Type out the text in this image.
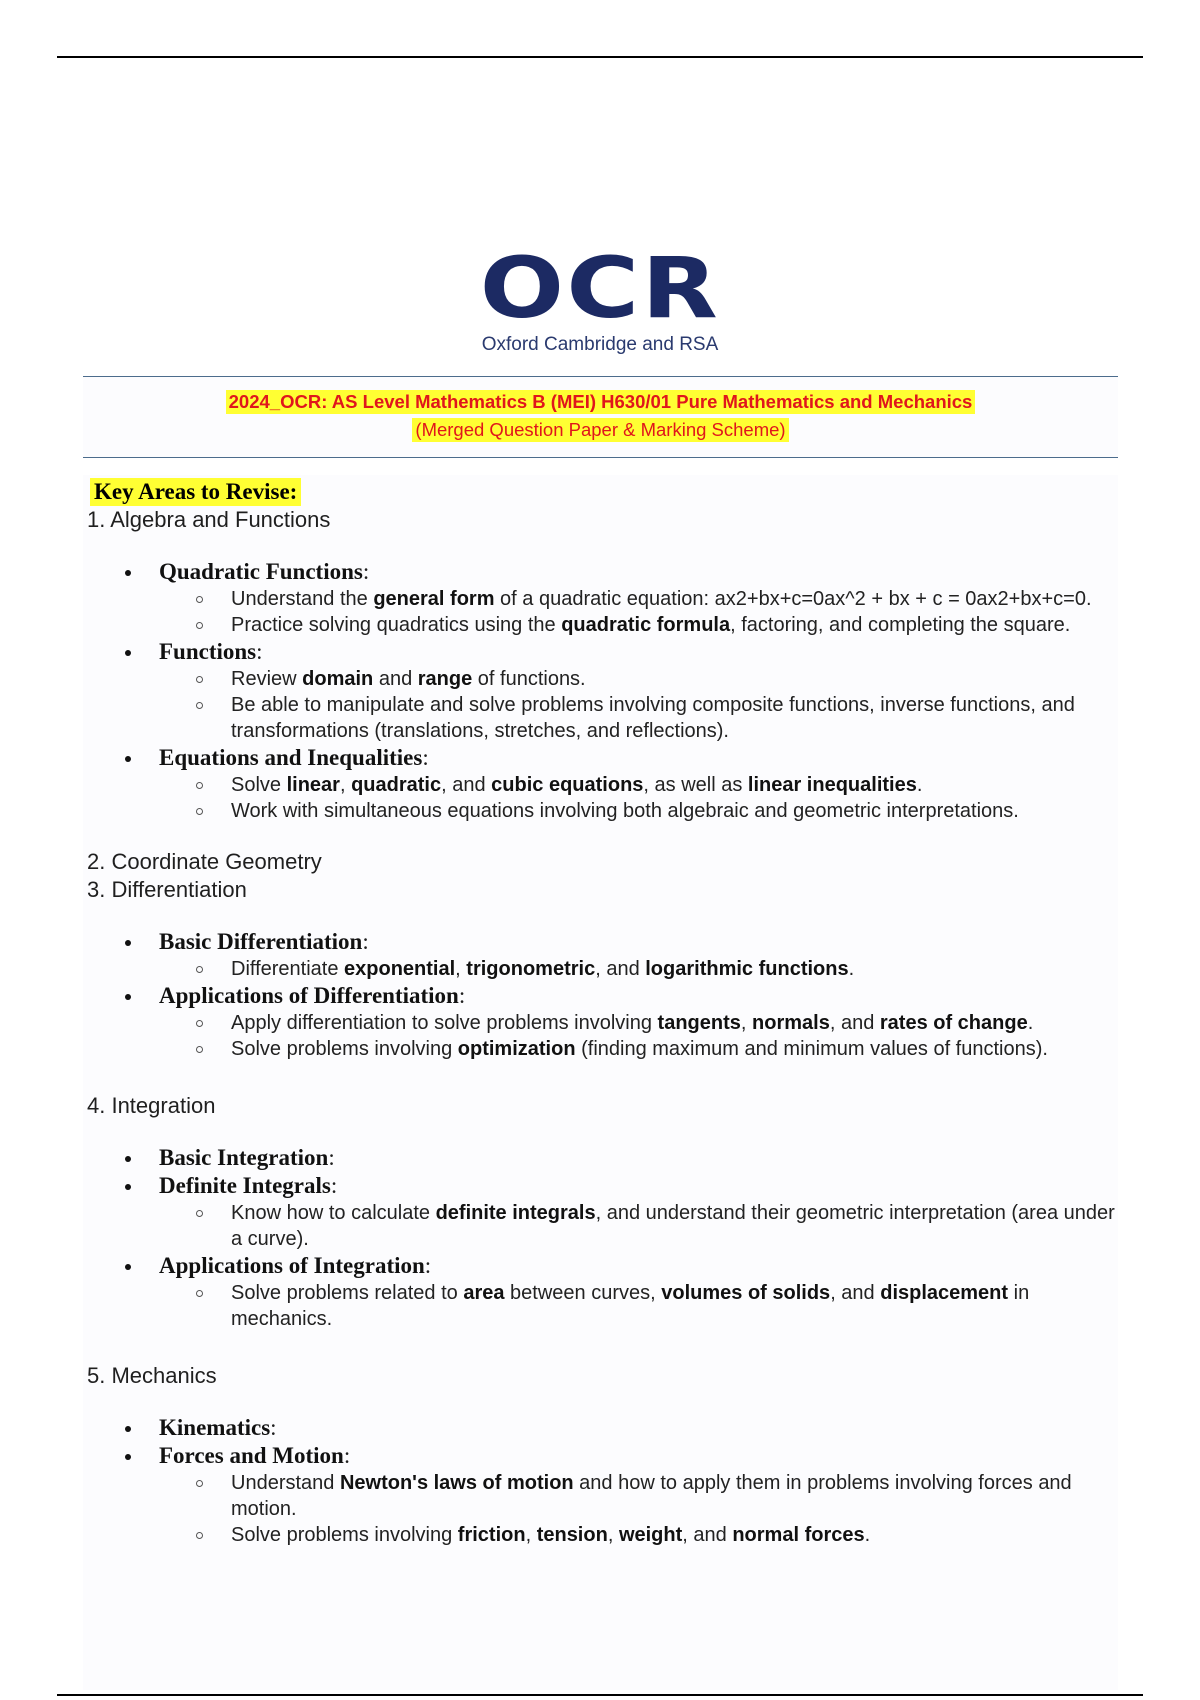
OCR
Oxford Cambridge and RSA
2024_OCR: AS Level Mathematics B (MEI) H630/01 Pure Mathematics and Mechanics
(Merged Question Paper & Marking Scheme)
Key Areas to Revise:
1. Algebra and Functions
Quadratic Functions:
Understand the general form of a quadratic equation: ax2+bx+c=0ax^2 + bx + c = 0ax2+bx+c=0.
Practice solving quadratics using the quadratic formula, factoring, and completing the square.
Functions:
Review domain and range of functions.
Be able to manipulate and solve problems involving composite functions, inverse functions, and transformations (translations, stretches, and reflections).
Equations and Inequalities:
Solve linear, quadratic, and cubic equations, as well as linear inequalities.
Work with simultaneous equations involving both algebraic and geometric interpretations.
2. Coordinate Geometry
3. Differentiation
Basic Differentiation:
Differentiate exponential, trigonometric, and logarithmic functions.
Applications of Differentiation:
Apply differentiation to solve problems involving tangents, normals, and rates of change.
Solve problems involving optimization (finding maximum and minimum values of functions).
4. Integration
Basic Integration:
Definite Integrals:
Know how to calculate definite integrals, and understand their geometric interpretation (area under a curve).
Applications of Integration:
Solve problems related to area between curves, volumes of solids, and displacement in mechanics.
5. Mechanics
Kinematics:
Forces and Motion:
Understand Newton's laws of motion and how to apply them in problems involving forces and motion.
Solve problems involving friction, tension, weight, and normal forces.
